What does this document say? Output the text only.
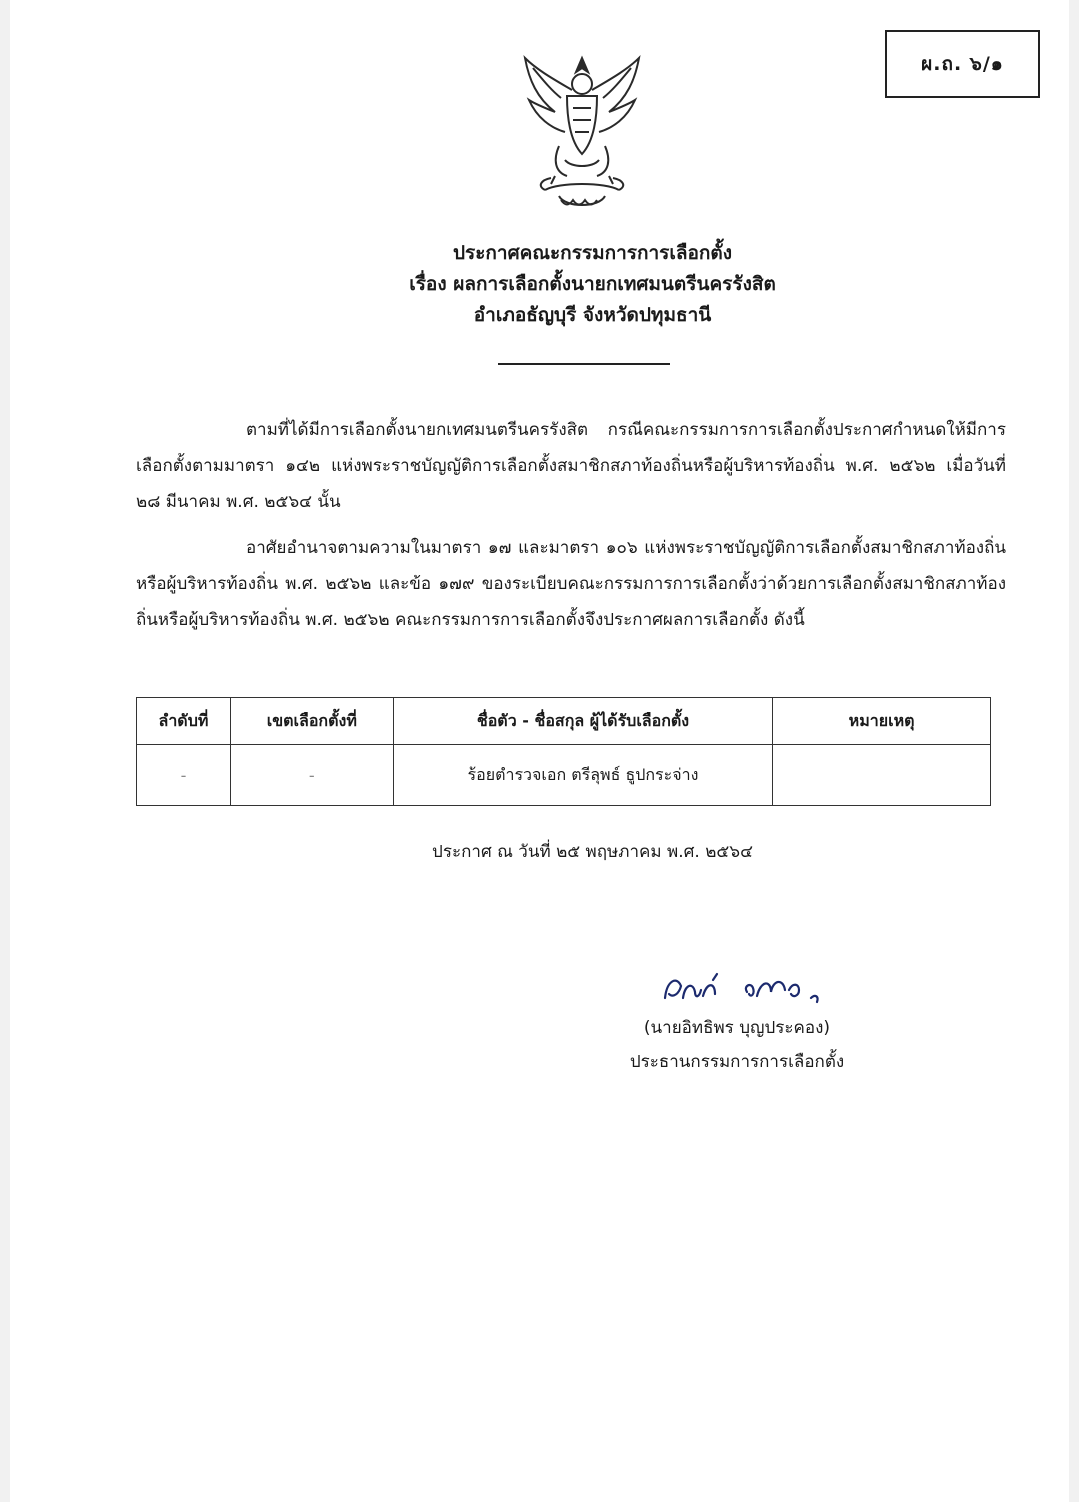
ผ.ถ. ๖/๑
ประกาศคณะกรรมการการเลือกตั้ง
เรื่อง ผลการเลือกตั้งนายกเทศมนตรีนครรังสิต
อำเภอธัญบุรี จังหวัดปทุมธานี
ตามที่ได้มีการเลือกตั้งนายกเทศมนตรีนครรังสิต กรณีคณะกรรมการการเลือกตั้งประกาศกำหนดให้มีการเลือกตั้งตามมาตรา ๑๔๒ แห่งพระราชบัญญัติการเลือกตั้งสมาชิกสภาท้องถิ่นหรือผู้บริหารท้องถิ่น พ.ศ. ๒๕๖๒ เมื่อวันที่ ๒๘ มีนาคม พ.ศ. ๒๕๖๔ นั้น
อาศัยอำนาจตามความในมาตรา ๑๗ และมาตรา ๑๐๖ แห่งพระราชบัญญัติการเลือกตั้งสมาชิกสภาท้องถิ่นหรือผู้บริหารท้องถิ่น พ.ศ. ๒๕๖๒ และข้อ ๑๗๙ ของระเบียบคณะกรรมการการเลือกตั้งว่าด้วยการเลือกตั้งสมาชิกสภาท้องถิ่นหรือผู้บริหารท้องถิ่น พ.ศ. ๒๕๖๒ คณะกรรมการการเลือกตั้งจึงประกาศผลการเลือกตั้ง ดังนี้
ลำดับที่	เขตเลือกตั้งที่	ชื่อตัว - ชื่อสกุล ผู้ได้รับเลือกตั้ง	หมายเหตุ
-	-	ร้อยตำรวจเอก ตรีลุพธ์ ธูปกระจ่าง	
ประกาศ ณ วันที่ ๒๕ พฤษภาคม พ.ศ. ๒๕๖๔
(นายอิทธิพร บุญประคอง)
ประธานกรรมการการเลือกตั้ง
